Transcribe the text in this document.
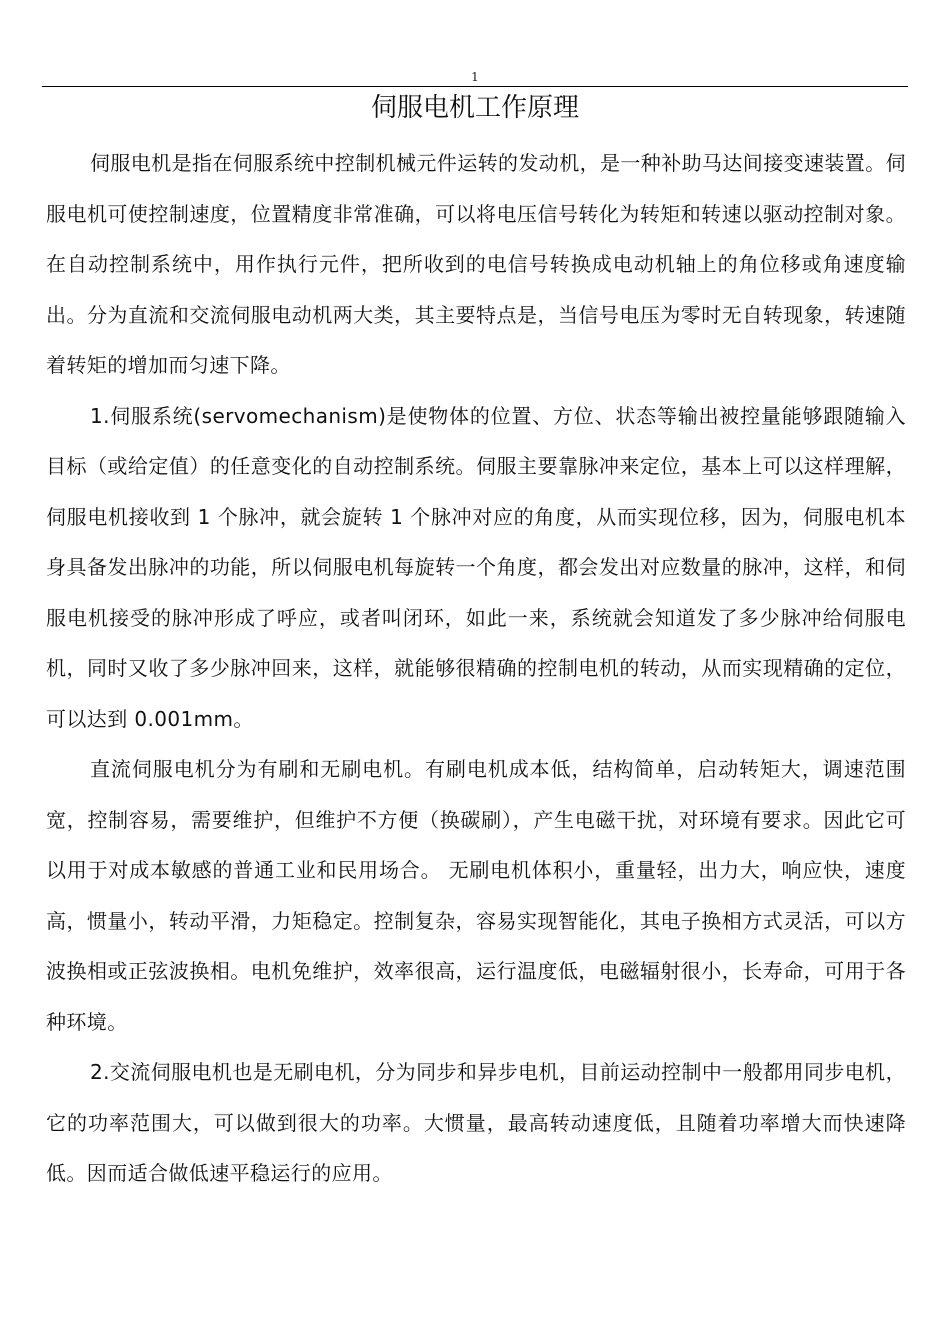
1
伺服电机工作原理

伺服电机是指在伺服系统中控制机械元件运转的发动机，是一种补助马达间接变速装置。伺服电机可使控制速度，位置精度非常准确，可以将电压信号转化为转矩和转速以驱动控制对象。在自动控制系统中，用作执行元件，把所收到的电信号转换成电动机轴上的角位移或角速度输出。分为直流和交流伺服电动机两大类，其主要特点是，当信号电压为零时无自转现象，转速随着转矩的增加而匀速下降。

1.伺服系统(servomechanism)是使物体的位置、方位、状态等输出被控量能够跟随输入目标（或给定值）的任意变化的自动控制系统。伺服主要靠脉冲来定位，基本上可以这样理解，伺服电机接收到 1 个脉冲，就会旋转 1 个脉冲对应的角度，从而实现位移，因为，伺服电机本身具备发出脉冲的功能，所以伺服电机每旋转一个角度，都会发出对应数量的脉冲，这样，和伺服电机接受的脉冲形成了呼应，或者叫闭环，如此一来，系统就会知道发了多少脉冲给伺服电机，同时又收了多少脉冲回来，这样，就能够很精确的控制电机的转动，从而实现精确的定位，可以达到 0.001mm。

直流伺服电机分为有刷和无刷电机。有刷电机成本低，结构简单，启动转矩大，调速范围宽，控制容易，需要维护，但维护不方便（换碳刷），产生电磁干扰，对环境有要求。因此它可以用于对成本敏感的普通工业和民用场合。 无刷电机体积小，重量轻，出力大，响应快，速度高，惯量小，转动平滑，力矩稳定。控制复杂，容易实现智能化，其电子换相方式灵活，可以方波换相或正弦波换相。电机免维护，效率很高，运行温度低，电磁辐射很小，长寿命，可用于各种环境。

2.交流伺服电机也是无刷电机，分为同步和异步电机，目前运动控制中一般都用同步电机，它的功率范围大，可以做到很大的功率。大惯量，最高转动速度低，且随着功率增大而快速降低。因而适合做低速平稳运行的应用。
